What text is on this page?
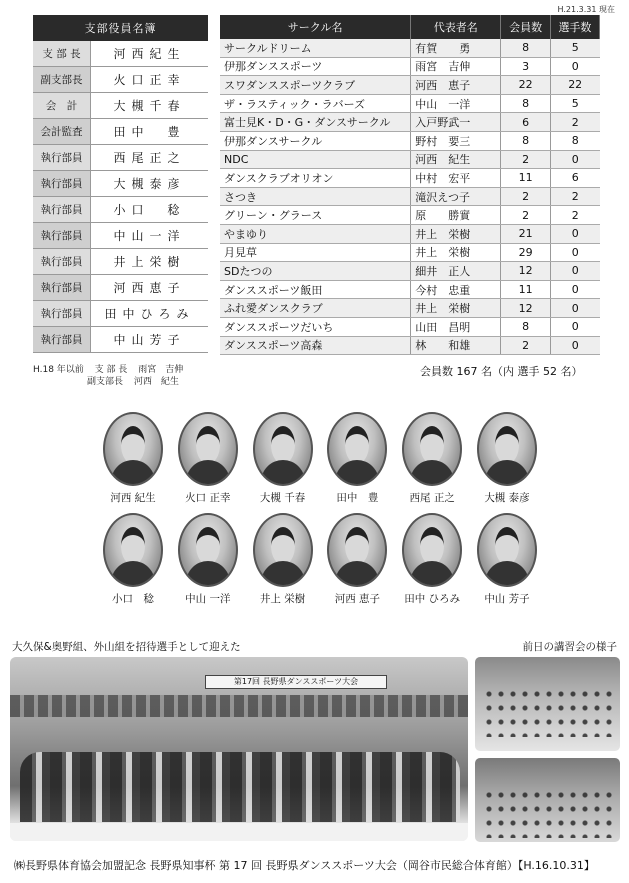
H.21.3.31 現在
支部役員名簿	
支 部 長	河西紀生
副支部長	火口正幸
会　計	大槻千春
会計監査	田中　豊
執行部員	西尾正之
執行部員	大槻泰彦
執行部員	小口　稔
執行部員	中山一洋
執行部員	井上栄樹
執行部員	河西恵子
執行部員	田中ひろみ
執行部員	中山芳子
H.18 年以前 支 部 長 雨宮　吉伸
副支部長 河西　紀生
サークル名	代表者名	会員数	選手数
サークルドリーム	有賀　　勇	8	5
伊那ダンススポーツ	雨宮　吉伸	3	0
スワダンススポーツクラブ	河西　恵子	22	22
ザ・ラスティック・ラバーズ	中山　一洋	8	5
富士見K・D・G・ダンスサークル	入戸野武一	6	2
伊那ダンスサークル	野村　要三	8	8
NDC	河西　紀生	2	0
ダンスクラブオリオン	中村　宏平	11	6
さつき	滝沢えつ子	2	2
グリーン・グラース	原　　勝實	2	2
やまゆり	井上　栄樹	21	0
月見草	井上　栄樹	29	0
SDたつの	細井　正人	12	0
ダンススポーツ飯田	今村　忠重	11	0
ふれ愛ダンスクラブ	井上　栄樹	12	0
ダンススポーツだいち	山田　昌明	8	0
ダンススポーツ高森	林　　和雄	2	0
会員数 167 名（内 選手 52 名）
河西 紀生	火口 正幸	大槻 千春	田中　豊	西尾 正之	大槻 泰彦
小口　稔	中山 一洋	井上 栄樹	河西 恵子	田中 ひろみ	中山 芳子
大久保&奥野組、外山組を招待選手として迎えた	前日の講習会の様子
第17回 長野県ダンススポーツ大会
㈱長野県体育協会加盟記念 長野県知事杯 第 17 回 長野県ダンススポーツ大会（岡谷市民総合体育館）【H.16.10.31】
